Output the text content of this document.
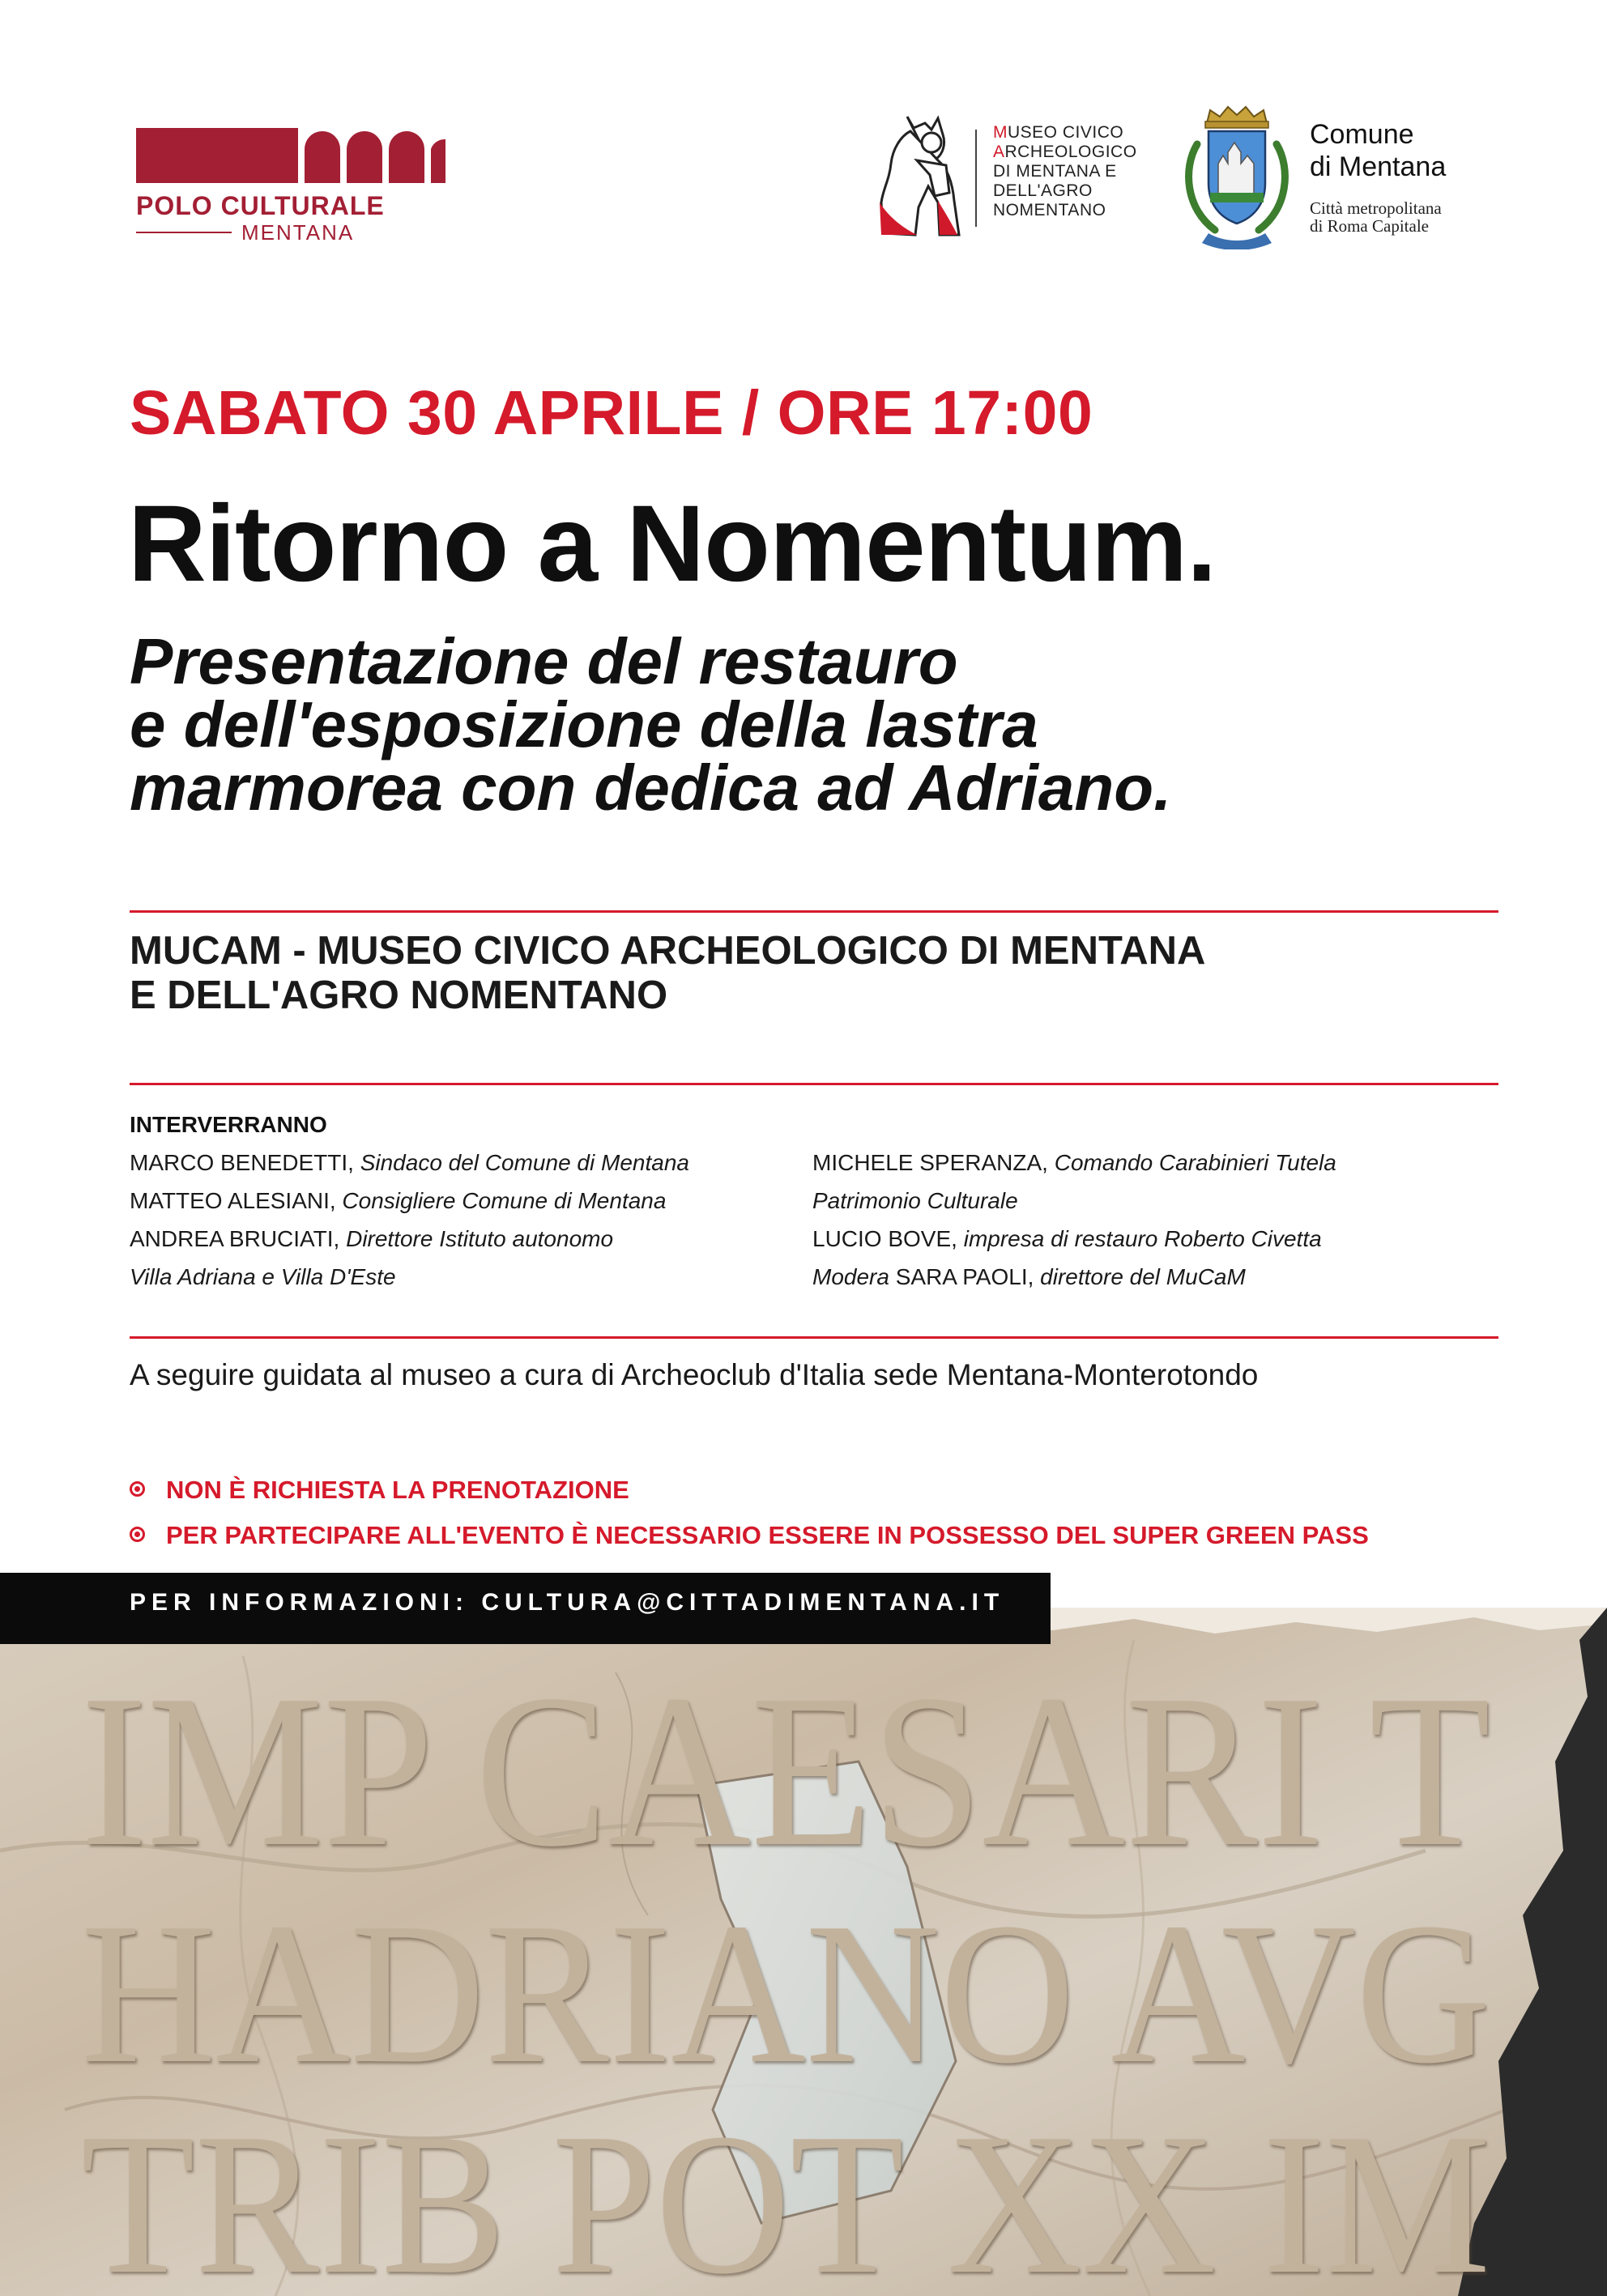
POLO CULTURALE
MENTANA
MUSEO CIVICO
ARCHEOLOGICO
DI MENTANA E
DELL'AGRO
NOMENTANO
Comune
di Mentana
Città metropolitana
di Roma Capitale
SABATO 30 APRILE / ORE 17:00
Ritorno a Nomentum.
Presentazione del restauro
e dell'esposizione della lastra
marmorea con dedica ad Adriano.
MUCAM - MUSEO CIVICO ARCHEOLOGICO DI MENTANA
E DELL'AGRO NOMENTANO
INTERVERRANNO
MARCO BENEDETTI, Sindaco del Comune di Mentana
MATTEO ALESIANI, Consigliere Comune di Mentana
ANDREA BRUCIATI, Direttore Istituto autonomo
Villa Adriana e Villa D'Este
MICHELE SPERANZA, Comando Carabinieri Tutela
Patrimonio Culturale
LUCIO BOVE, impresa di restauro Roberto Civetta
Modera SARA PAOLI, direttore del MuCaM
A seguire guidata al museo a cura di Archeoclub d'Italia sede Mentana-Monterotondo
NON È RICHIESTA LA PRENOTAZIONE
PER PARTECIPARE ALL'EVENTO È NECESSARIO ESSERE IN POSSESSO DEL SUPER GREEN PASS
IMP CAESARI T
HADRIANO AVG
TRIB POT XX IM
PER INFORMAZIONI: CULTURA@CITTADIMENTANA.IT
